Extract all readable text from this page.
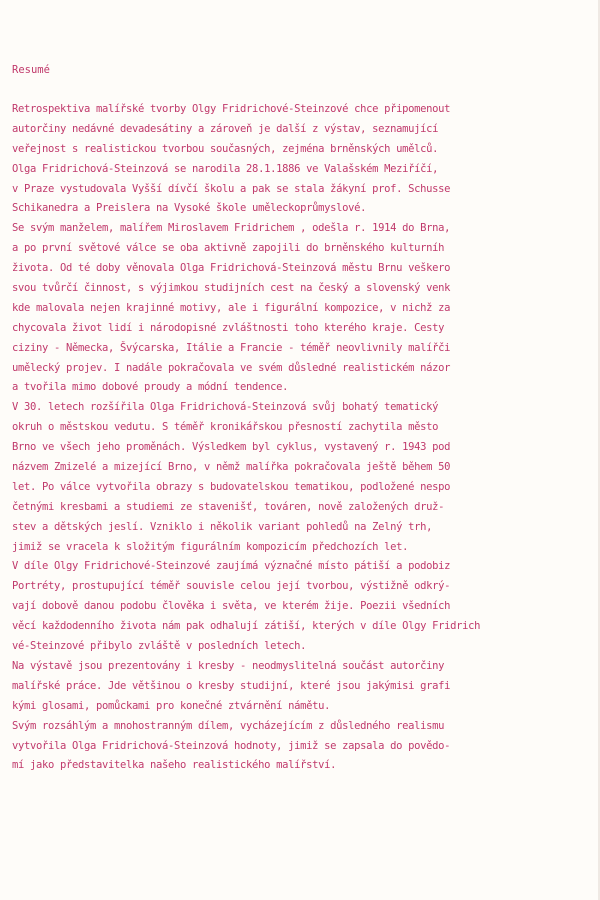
Resumé
Retrospektiva malířské tvorby Olgy Fridrichové-Steinzové chce připomenout
autorčiny nedávné devadesátiny a zároveň je další z výstav, seznamující
veřejnost s realistickou tvorbou současných, zejména brněnských umělců.
Olga Fridrichová-Steinzová se narodila 28.1.1886 ve Valašském Meziříčí,
v Praze vystudovala Vyšší dívčí školu a pak se stala žákyní prof. Schusse
Schikanedra a Preislera na Vysoké škole uměleckoprůmyslové.
Se svým manželem, malířem Miroslavem Fridrichem , odešla r. 1914 do Brna,
a po první světové válce se oba aktivně zapojili do brněnského kulturníh
života. Od té doby věnovala Olga Fridrichová-Steinzová městu Brnu veškero
svou tvůrčí činnost, s výjimkou studijních cest na český a slovenský venk
kde malovala nejen krajinné motivy, ale i figurální kompozice, v nichž za
chycovala život lidí i národopisné zvláštnosti toho kterého kraje. Cesty
ciziny - Německa, Švýcarska, Itálie a Francie - téměř neovlivnily malířči
umělecký projev. I nadále pokračovala ve svém důsledné realistickém názor
a tvořila mimo dobové proudy a módní tendence.
V 30. letech rozšířila Olga Fridrichová-Steinzová svůj bohatý tematický
okruh o městskou vedutu. S téměř kronikářskou přesností zachytila město
Brno ve všech jeho proměnách. Výsledkem byl cyklus, vystavený r. 1943 pod
názvem Zmizelé a mizející Brno, v němž malířka pokračovala ještě během 50
let. Po válce vytvořila obrazy s budovatelskou tematikou, podložené nespo
četnými kresbami a studiemi ze stavenišť, továren, nově založených druž-
stev a dětských jeslí. Vzniklo i několik variant pohledů na Zelný trh,
jimiž se vracela k složitým figurálním kompozicím předchozích let.
V díle Olgy Fridrichové-Steinzové zaujímá význačné místo pátiší a podobiz
Portréty, prostupující téměř souvisle celou její tvorbou, výstižně odkrý-
vají dobově danou podobu člověka i světa, ve kterém žije. Poezii všedních
věcí každodenního života nám pak odhalují zátiší, kterých v díle Olgy Fridrich
vé-Steinzové přibylo zvláště v posledních letech.
Na výstavě jsou prezentovány i kresby - neodmyslitelná součást autorčiny
malířské práce. Jde většinou o kresby studijní, které jsou jakýmisi grafi
kými glosami, pomůckami pro konečné ztvárnění námětu.
Svým rozsáhlým a mnohostranným dílem, vycházejícím z důsledného realismu
vytvořila Olga Fridrichová-Steinzová hodnoty, jimiž se zapsala do povědo-
mí jako představitelka našeho realistického malířství.
